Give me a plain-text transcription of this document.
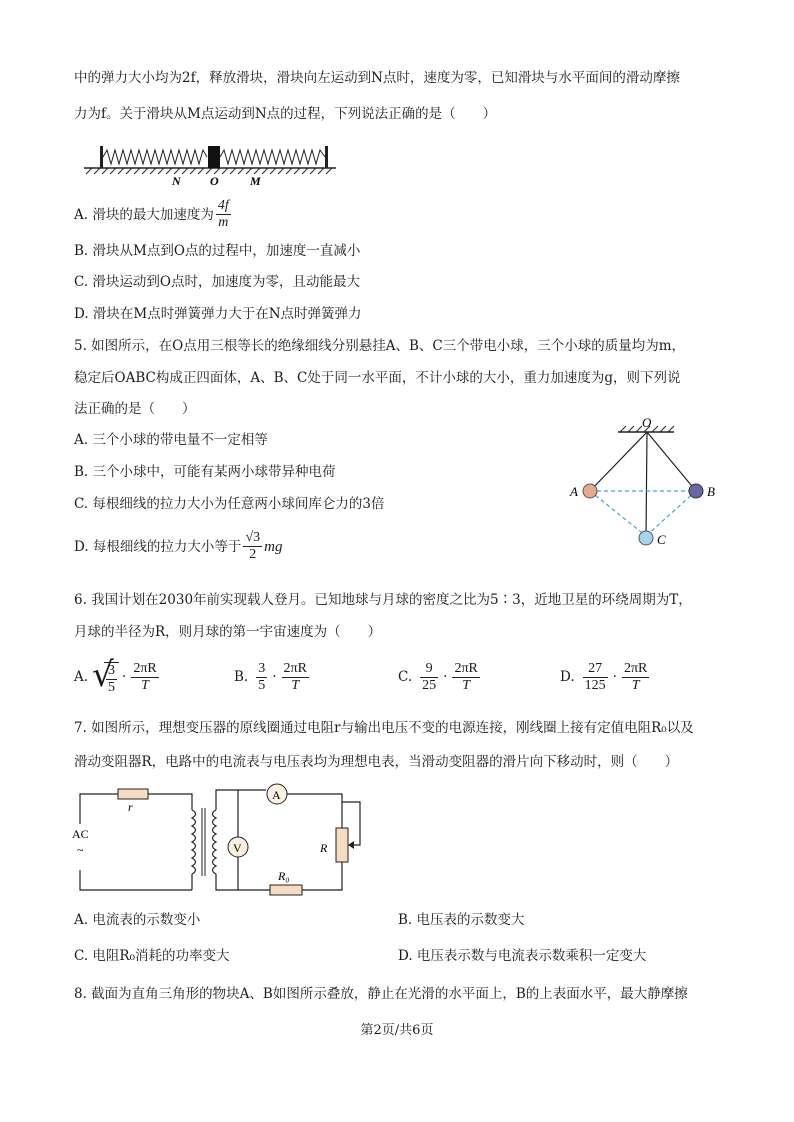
中的弹力大小均为2f，释放滑块，滑块向左运动到N点时，速度为零，已知滑块与水平面间的滑动摩擦
力为f。关于滑块从M点运动到N点的过程，下列说法正确的是（　　）
N O	M
A. 滑块的最大加速度为 $\frac{4f}{m}$
B. 滑块从M点到O点的过程中，加速度一直减小
C. 滑块运动到O点时，加速度为零，且动能最大
D. 滑块在M点时弹簧弹力大于在N点时弹簧弹力
5. 如图所示，在O点用三根等长的绝缘细线分别悬挂A、B、C三个带电小球，三个小球的质量均为m，
稳定后OABC构成正四面体，A、B、C处于同一水平面，不计小球的大小，重力加速度为g，则下列说
法正确的是（　　）
A. 三个小球的带电量不一定相等
B. 三个小球中，可能有某两小球带异种电荷
C. 每根细线的拉力大小为任意两小球间库仑力的3倍
D. 每根细线的拉力大小等于 $\frac{√3}{2}$ mg
O
A	B
C
6. 我国计划在2030年前实现载人登月。已知地球与月球的密度之比为5∶3，近地卫星的环绕周期为T，
月球的半径为R，则月球的第一宇宙速度为（　　）
A.
√ $\frac{3}{5} \cdot \frac{2\pi R}{T}$	B. $\frac{3}{5} \cdot \frac{2\pi R}{T}$	C. $\frac{9}{25} \cdot \frac{2\pi R}{T}$	D. $\frac{27}{125} \cdot \frac{2\pi R}{T}$
7. 如图所示，理想变压器的原线圈通过电阻r与输出电压不变的电源连接，刚线圈上接有定值电阻R₀以及
滑动变阻器R，电路中的电流表与电压表均为理想电表，当滑动变阻器的滑片向下移动时，则（　　）
r
AC
~
A
V
R₀
R
A. 电流表的示数变小	B. 电压表的示数变大
C. 电阻R₀消耗的功率变大	D. 电压表示数与电流表示数乘积一定变大
8. 截面为直角三角形的物块A、B如图所示叠放，静止在光滑的水平面上，B的上表面水平，最大静摩擦
第2页/共6页
